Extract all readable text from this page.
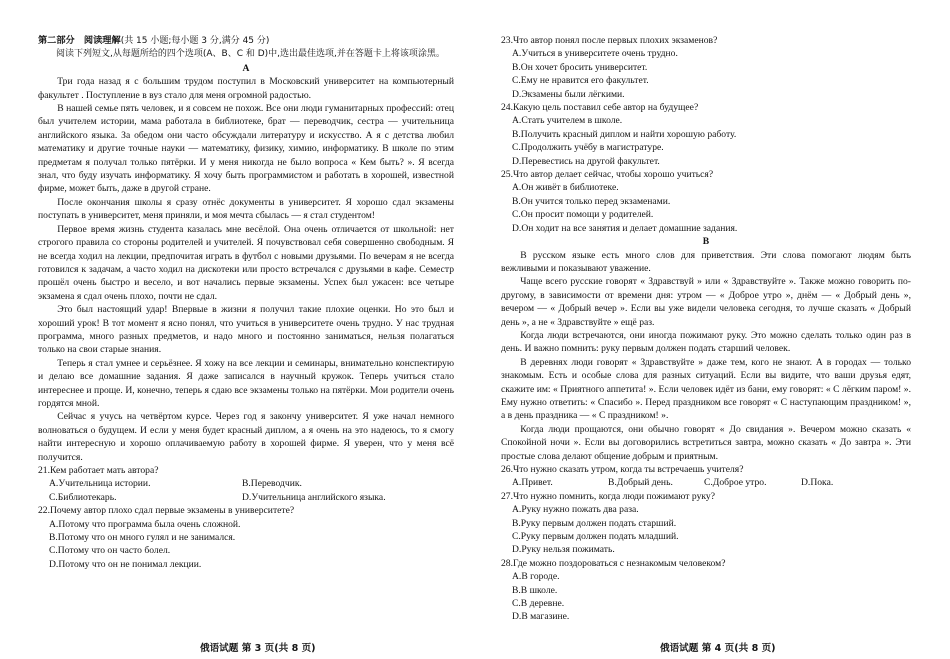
第二部分　阅读理解(共 15 小题;每小题 3 分,满分 45 分)

阅读下列短文,从每题所给的四个选项(A、B、C 和 D)中,选出最佳选项,并在答题卡上将该项涂黑。

A

Три года назад я с большим трудом поступил в Московский университет на компьютерный факультет . Поступление в вуз стало для меня огромной радостью.

В нашей семье пять человек, и я совсем не похож. Все они люди гуманитарных профессий: отец был учителем истории, мама работала в библиотеке, брат — переводчик, сестра — учительница английского языка. За обедом они часто обсуждали литературу и искусство. А я с детства любил математику и другие точные науки — математику, физику, химию, информатику. В школе по этим предметам я получал только пятёрки. И у меня никогда не было вопроса « Кем быть? ». Я всегда знал, что буду изучать информатику. Я хочу быть программистом и работать в хорошей, известной фирме, может быть, даже в другой стране.

После окончания школы я сразу отнёс документы в университет. Я хорошо сдал экзамены поступать в университет, меня приняли, и моя мечта сбылась — я стал студентом!

Первое время жизнь студента казалась мне весёлой. Она очень отличается от школьной: нет строгого правила со стороны родителей и учителей. Я почувствовал себя совершенно свободным. Я не всегда ходил на лекции, предпочитая играть в футбол с новыми друзьями. По вечерам я не всегда готовился к задачам, а часто ходил на дискотеки или просто встречался с друзьями в кафе. Семестр прошёл очень быстро и весело, и вот начались первые экзамены. Успех был ужасен: все четыре экзамена я сдал очень плохо, почти не сдал.

Это был настоящий удар! Впервые в жизни я получил такие плохие оценки. Но это был и хороший урок! В тот момент я ясно понял, что учиться в университете очень трудно. У нас трудная программа, много разных предметов, и надо много и постоянно заниматься, нельзя полагаться только на свои старые знания.

Теперь я стал умнее и серьёзнее. Я хожу на все лекции и семинары, внимательно конспектирую и делаю все домашние задания. Я даже записался в научный кружок. Теперь учиться стало интереснее и проще. И, конечно, теперь я сдаю все экзамены только на пятёрки. Мои родители очень гордятся мной.

Сейчас я учусь на четвёртом курсе. Через год я закончу университет. Я уже начал немного волноваться о будущем. И если у меня будет красный диплом, а я очень на это надеюсь, то я смогу найти интересную и хорошо оплачиваемую работу в хорошей фирме. Я уверен, что у меня всё получится.

21.Кем работает мать автора?

A.Учительница истории.	B.Переводчик.
C.Библиотекарь.	D.Учительница английского языка.

22.Почему автор плохо сдал первые экзамены в университете?

A.Потому что программа была очень сложной.

B.Потому что он много гулял и не занимался.

C.Потому что он часто болел.

D.Потому что он не понимал лекции.

23.Что автор понял после первых плохих экзаменов?

A.Учиться в университете очень трудно.

B.Он хочет бросить университет.

C.Ему не нравится его факультет.

D.Экзамены были лёгкими.

24.Какую цель поставил себе автор на будущее?

A.Стать учителем в школе.

B.Получить красный диплом и найти хорошую работу.

C.Продолжить учёбу в магистратуре.

D.Перевестись на другой факультет.

25.Что автор делает сейчас, чтобы хорошо учиться?

A.Он живёт в библиотеке.

B.Он учится только перед экзаменами.

C.Он просит помощи у родителей.

D.Он ходит на все занятия и делает домашние задания.

B

В русском языке есть много слов для приветствия. Эти слова помогают людям быть вежливыми и показывают уважение.

Чаще всего русские говорят « Здравствуй » или « Здравствуйте ». Также можно говорить по-другому, в зависимости от времени дня: утром — « Доброе утро », днём — « Добрый день », вечером — « Добрый вечер ». Если вы уже видели человека сегодня, то лучше сказать « Добрый день », а не « Здравствуйте » ещё раз.

Когда люди встречаются, они иногда пожимают руку. Это можно сделать только один раз в день. И важно помнить: руку первым должен подать старший человек.

В деревнях люди говорят « Здравствуйте » даже тем, кого не знают. А в городах — только знакомым. Есть и особые слова для разных ситуаций. Если вы видите, что ваши друзья едят, скажите им: « Приятного аппетита! ». Если человек идёт из бани, ему говорят: « С лёгким паром! ». Ему нужно ответить: « Спасибо ». Перед праздником все говорят « С наступающим праздником! », а в день праздника — « С праздником! ».

Когда люди прощаются, они обычно говорят « До свидания ». Вечером можно сказать « Спокойной ночи ». Если вы договорились встретиться завтра, можно сказать « До завтра ». Эти простые слова делают общение добрым и приятным.

26.Что нужно сказать утром, когда ты встречаешь учителя?

A.Привет.	B.Добрый день.	C.Доброе утро.	D.Пока.

27.Что нужно помнить, когда люди пожимают руку?

A.Руку нужно пожать два раза.

B.Руку первым должен подать старший.

C.Руку первым должен подать младший.

D.Руку нельзя пожимать.

28.Где можно поздороваться с незнакомым человеком?

A.В городе.

B.В школе.

C.В деревне.

D.В магазине.

俄语试题 第 3 页(共 8 页)	俄语试题 第 4 页(共 8 页)
